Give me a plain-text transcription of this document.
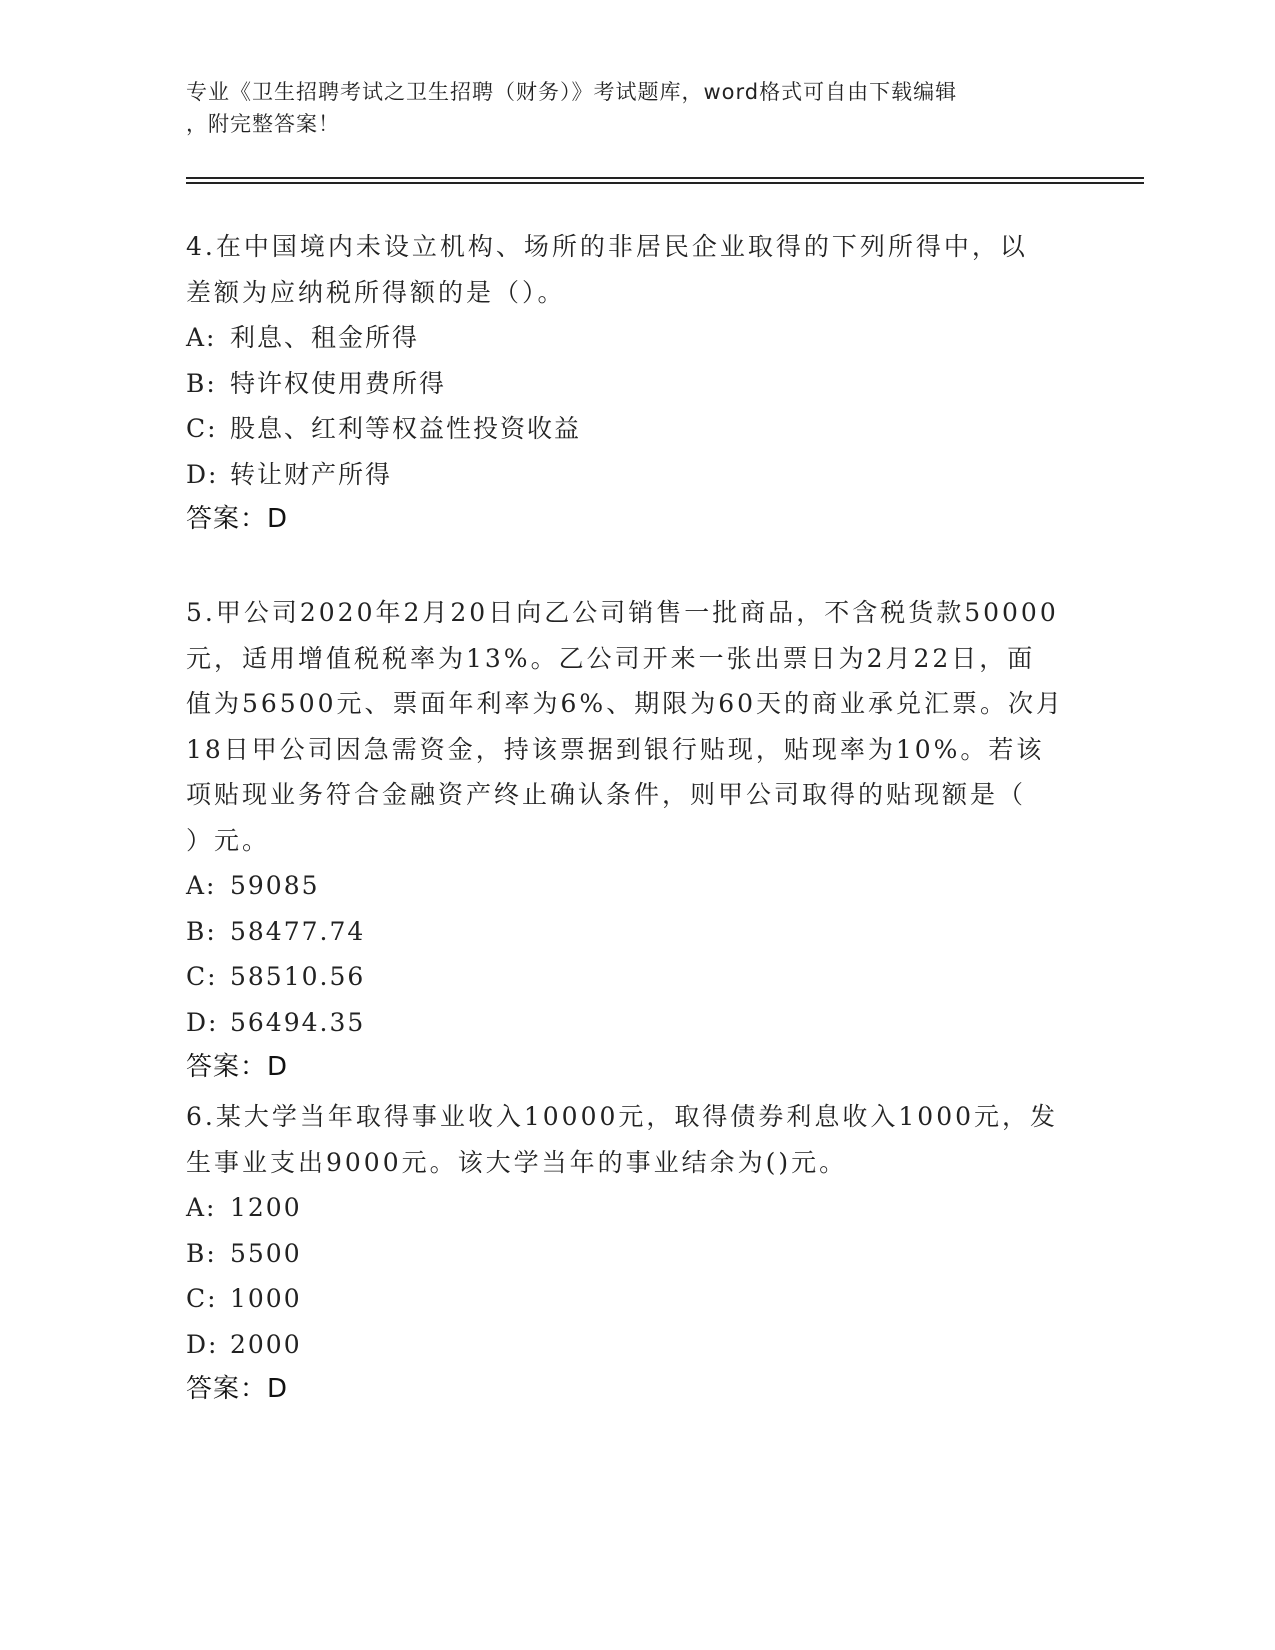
专业《卫生招聘考试之卫生招聘（财务）》考试题库，word格式可自由下载编辑
，附完整答案！
4.在中国境内未设立机构、场所的非居民企业取得的下列所得中，以
差额为应纳税所得额的是（）。
A: 利息、租金所得
B: 特许权使用费所得
C: 股息、红利等权益性投资收益
D: 转让财产所得
答案：D
5.甲公司2020年2月20日向乙公司销售一批商品，不含税货款50000
元，适用增值税税率为13%。乙公司开来一张出票日为2月22日，面
值为56500元、票面年利率为6%、期限为60天的商业承兑汇票。次月
18日甲公司因急需资金，持该票据到银行贴现，贴现率为10%。若该
项贴现业务符合金融资产终止确认条件，则甲公司取得的贴现额是（
）元。
A: 59085
B: 58477.74
C: 58510.56
D: 56494.35
答案：D
6.某大学当年取得事业收入10000元，取得债券利息收入1000元，发
生事业支出9000元。该大学当年的事业结余为()元。
A: 1200
B: 5500
C: 1000
D: 2000
答案：D
